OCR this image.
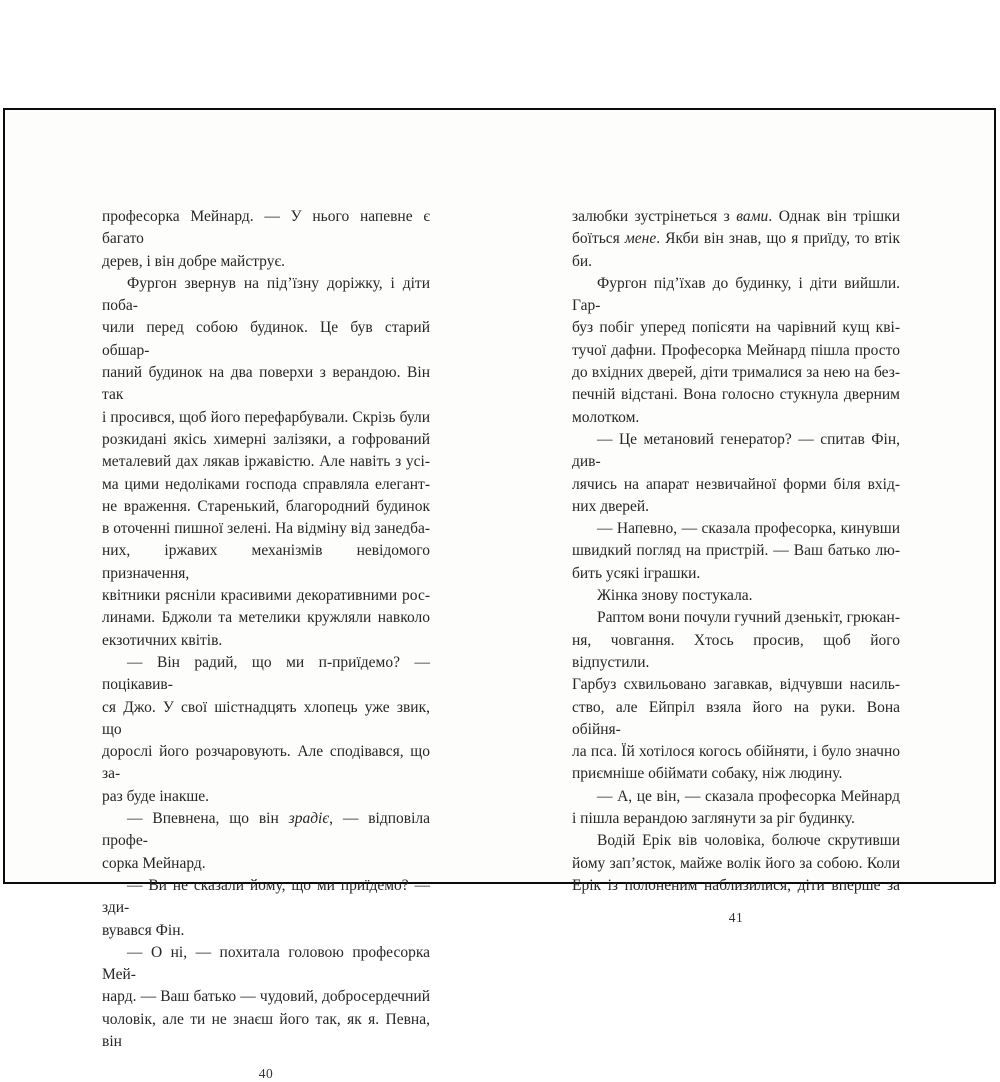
професорка Мейнард. — У нього напевне є багато
дерев, і він добре майструє.
Фургон звернув на під’їзну доріжку, і діти поба-
чили перед собою будинок. Це був старий обшар-
паний будинок на два поверхи з верандою. Він так
і просився, щоб його перефарбували. Скрізь були
розкидані якісь химерні залізяки, а гофрований
металевий дах лякав іржавістю. Але навіть з усі-
ма цими недоліками господа справляла елегант-
не враження. Старенький, благородний будинок
в оточенні пишної зелені. На відміну від занедба-
них, іржавих механізмів невідомого призначення,
квітники рясніли красивими декоративними рос-
линами. Бджоли та метелики кружляли навколо
екзотичних квітів.
— Він радий, що ми п-приїдемо? — поцікавив-
ся Джо. У свої шістнадцять хлопець уже звик, що
дорослі його розчаровують. Але сподівався, що за-
раз буде інакше.
— Впевнена, що він зрадіє, — відповіла профе-
сорка Мейнард.
— Ви не сказали йому, що ми приїдемо? — зди-
вувався Фін.
— О ні, — похитала головою професорка Мей-
нард. — Ваш батько — чудовий, добросердечний
чоловік, але ти не знаєш його так, як я. Певна, він
40
залюбки зустрінеться з вами. Однак він трішки
боїться мене. Якби він знав, що я приїду, то втік би.
Фургон під’їхав до будинку, і діти вийшли. Гар-
буз побіг уперед попісяти на чарівний кущ кві-
тучої дафни. Професорка Мейнард пішла просто
до вхідних дверей, діти трималися за нею на без-
печній відстані. Вона голосно стукнула дверним
молотком.
— Це метановий генератор? — спитав Фін, див-
лячись на апарат незвичайної форми біля вхід-
них дверей.
— Напевно, — сказала професорка, кинувши
швидкий погляд на пристрій. — Ваш батько лю-
бить усякі іграшки.
Жінка знову постукала.
Раптом вони почули гучний дзенькіт, грюкан-
ня, човгання. Хтось просив, щоб його відпустили.
Гарбуз схвильовано загавкав, відчувши насиль-
ство, але Ейпріл взяла його на руки. Вона обійня-
ла пса. Їй хотілося когось обійняти, і було значно
приємніше обіймати собаку, ніж людину.
— А, це він, — сказала професорка Мейнард
і пішла верандою заглянути за ріг будинку.
Водій Ерік вів чоловіка, болюче скрутивши
йому зап’ясток, майже волік його за собою. Коли
Ерік із полоненим наблизилися, діти вперше за
41
